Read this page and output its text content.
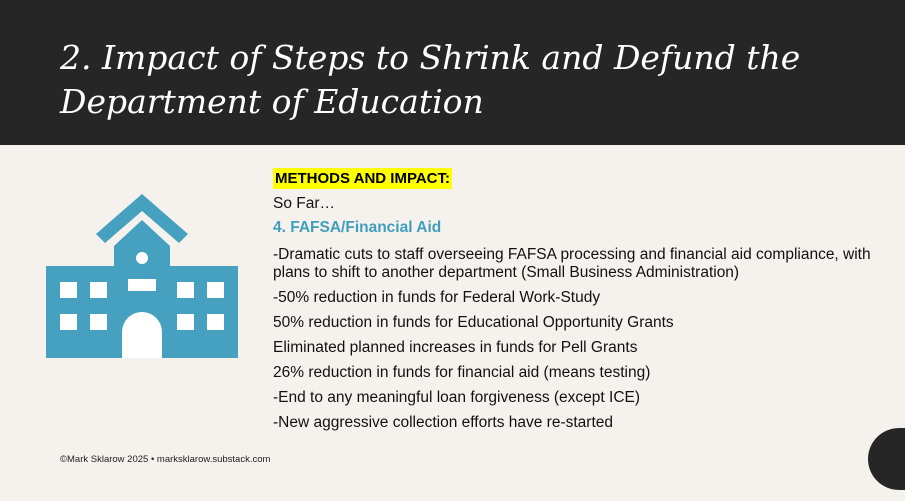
2. Impact of Steps to Shrink and Defund the Department of Education
METHODS AND IMPACT:
So Far…
4. FAFSA/Financial Aid
-Dramatic cuts to staff overseeing FAFSA processing and financial aid compliance, with plans to shift to another department (Small Business Administration)
-50% reduction in funds for Federal Work-Study
50% reduction in funds for Educational Opportunity Grants
Eliminated planned increases in funds for Pell Grants
26% reduction in funds for financial aid (means testing)
-End to any meaningful loan forgiveness (except ICE)
-New aggressive collection efforts have re-started
©Mark Sklarow 2025 • marksklarow.substack.com
